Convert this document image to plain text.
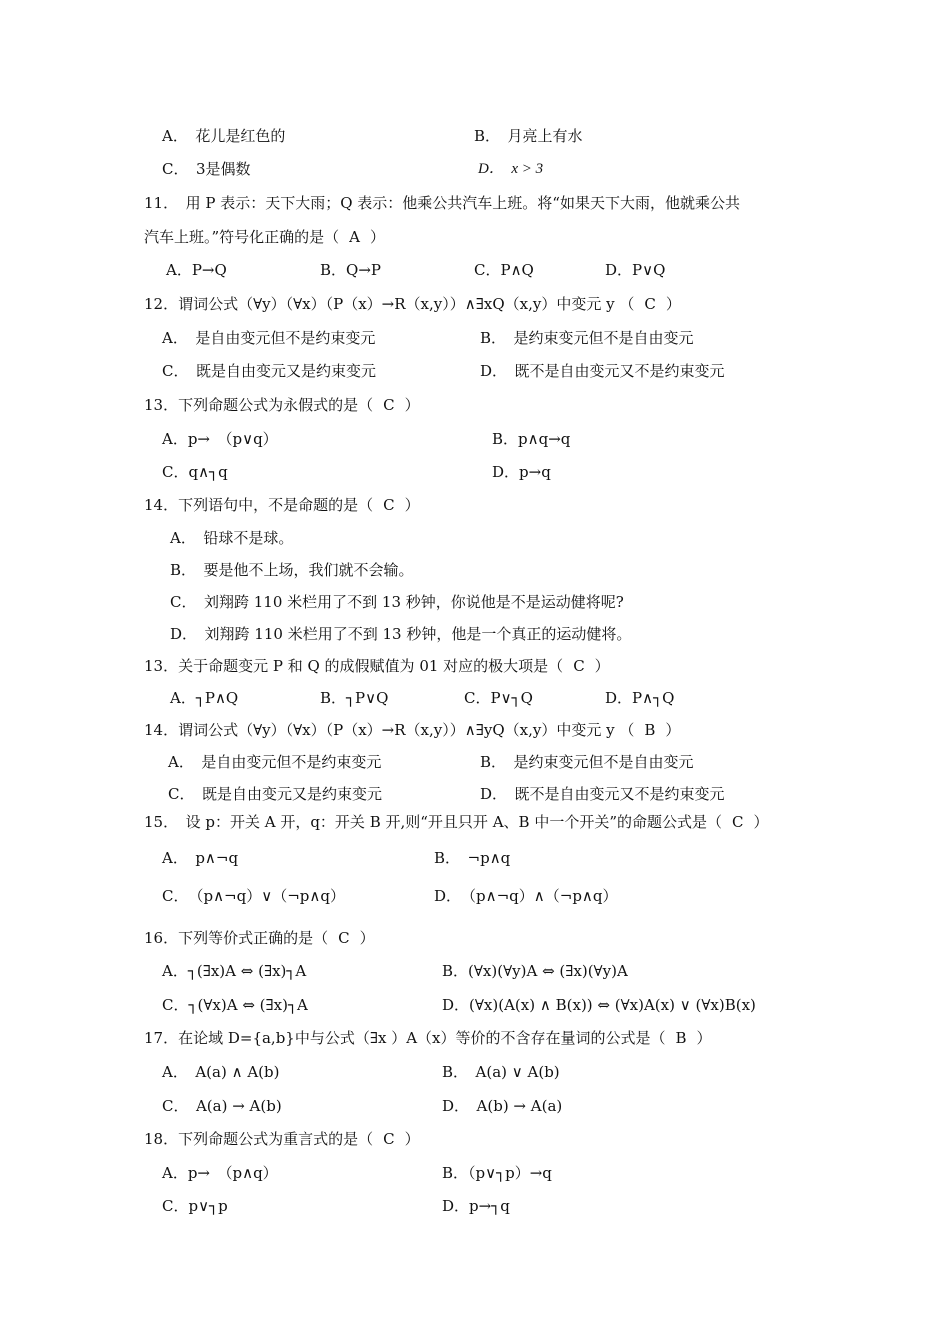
A．　花儿是红色的	B．　月亮上有水
C．　3是偶数	D．　x > 3
11．　用 P 表示：天下大雨；Q 表示：他乘公共汽车上班。将“如果天下大雨，他就乘公共
汽车上班。”符号化正确的是（ A ）
A．P→Q	B．Q→P	C．P∧Q	D．P∨Q
12．谓词公式（∀y）（∀x）（P（x）→R（x,y））∧∃xQ（x,y）中变元 y （ C ）
A．　是自由变元但不是约束变元	B．　是约束变元但不是自由变元
C．　既是自由变元又是约束变元	D．　既不是自由变元又不是约束变元
13．下列命题公式为永假式的是（ C ）
A．p→　（p∨q）	B．p∧q→q
C．q∧┐q	D．p→q
14．下列语句中，不是命题的是（ C ）
A．　铅球不是球。
B．　要是他不上场，我们就不会输。
C．　刘翔跨 110 米栏用了不到 13 秒钟，你说他是不是运动健将呢?
D．　刘翔跨 110 米栏用了不到 13 秒钟，他是一个真正的运动健将。
13．关于命题变元 P 和 Q 的成假赋值为 01 对应的极大项是（ C ）
A．┐P∧Q	B．┐P∨Q	C．P∨┐Q	D．P∧┐Q
14．谓词公式（∀y）（∀x）（P（x）→R（x,y））∧∃yQ（x,y）中变元 y （ B ）
A．　是自由变元但不是约束变元	B．　是约束变元但不是自由变元
C．　既是自由变元又是约束变元	D．　既不是自由变元又不是约束变元
15．　设 p：开关 A 开，q：开关 B 开,则“开且只开 A、B 中一个开关”的命题公式是（ C ）
A．　p∧¬q	B．　¬p∧q
C．　（p∧¬q）∨（¬p∧q）	D．　（p∧¬q）∧（¬p∧q）
16．下列等价式正确的是（ C ）
A．┐(∃x)A ⇔ (∃x)┐A	B．(∀x)(∀y)A ⇔ (∃x)(∀y)A
C．┐(∀x)A ⇔ (∃x)┐A	D．(∀x)(A(x) ∧ B(x)) ⇔ (∀x)A(x) ∨ (∀x)B(x)
17．在论域 D={a,b}中与公式（∃x ）A（x）等价的不含存在量词的公式是（ B ）
A．　A(a) ∧ A(b)	B．　A(a) ∨ A(b)
C．　A(a) → A(b)	D．　A(b) → A(a)
18．下列命题公式为重言式的是（ C ）
A．p→　（p∧q）	B．（p∨┐p）→q
C．p∨┐p	D．p→┐q
